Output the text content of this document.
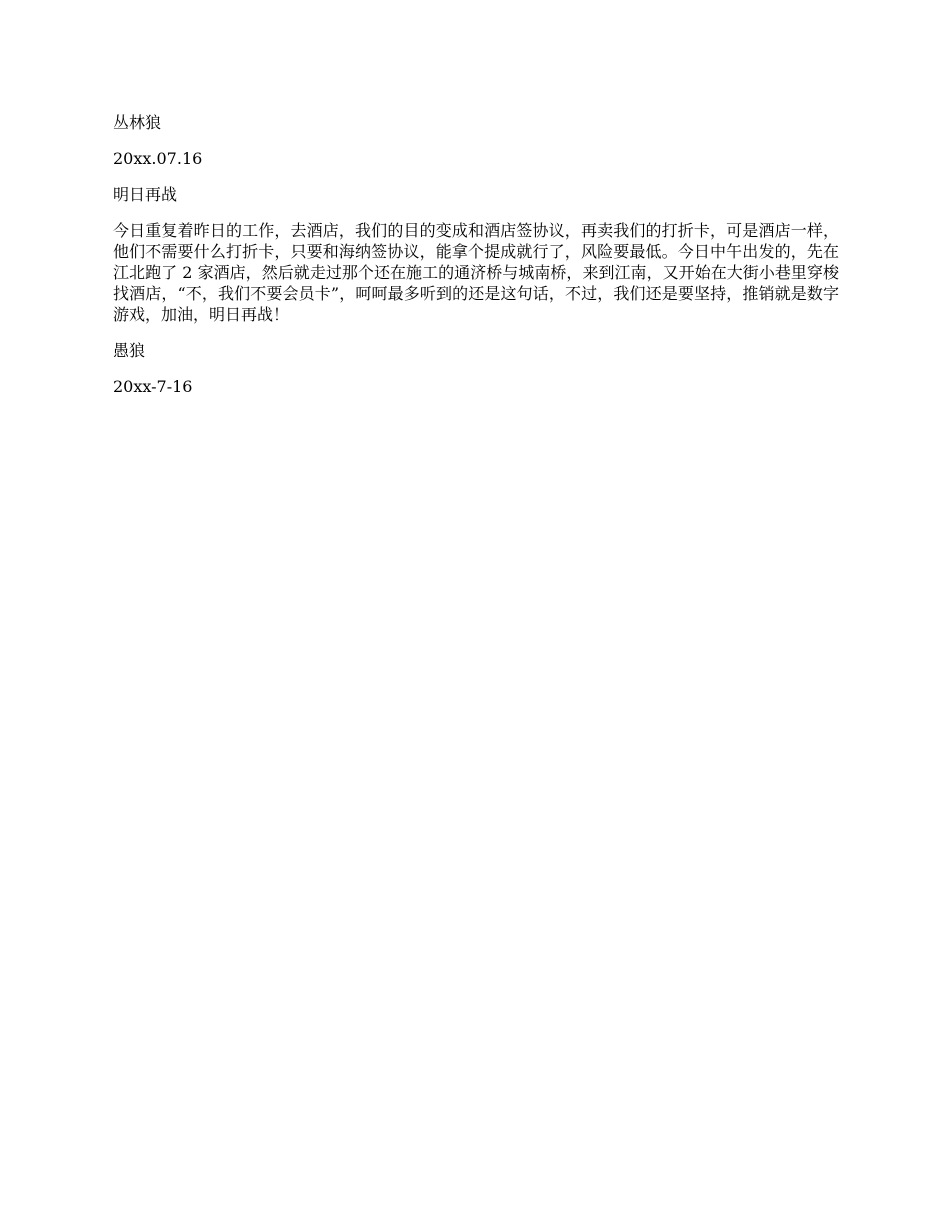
丛林狼

20xx.07.16

明日再战

今日重复着昨日的工作，去酒店，我们的目的变成和酒店签协议，再卖我们的打折卡，可是酒店一样，他们不需要什么打折卡，只要和海纳签协议，能拿个提成就行了，风险要最低。今日中午出发的，先在江北跑了 2 家酒店，然后就走过那个还在施工的通济桥与城南桥，来到江南，又开始在大街小巷里穿梭找酒店，“不，我们不要会员卡”，呵呵最多听到的还是这句话，不过，我们还是要坚持，推销就是数字游戏，加油，明日再战！

愚狼

20xx-7-16
